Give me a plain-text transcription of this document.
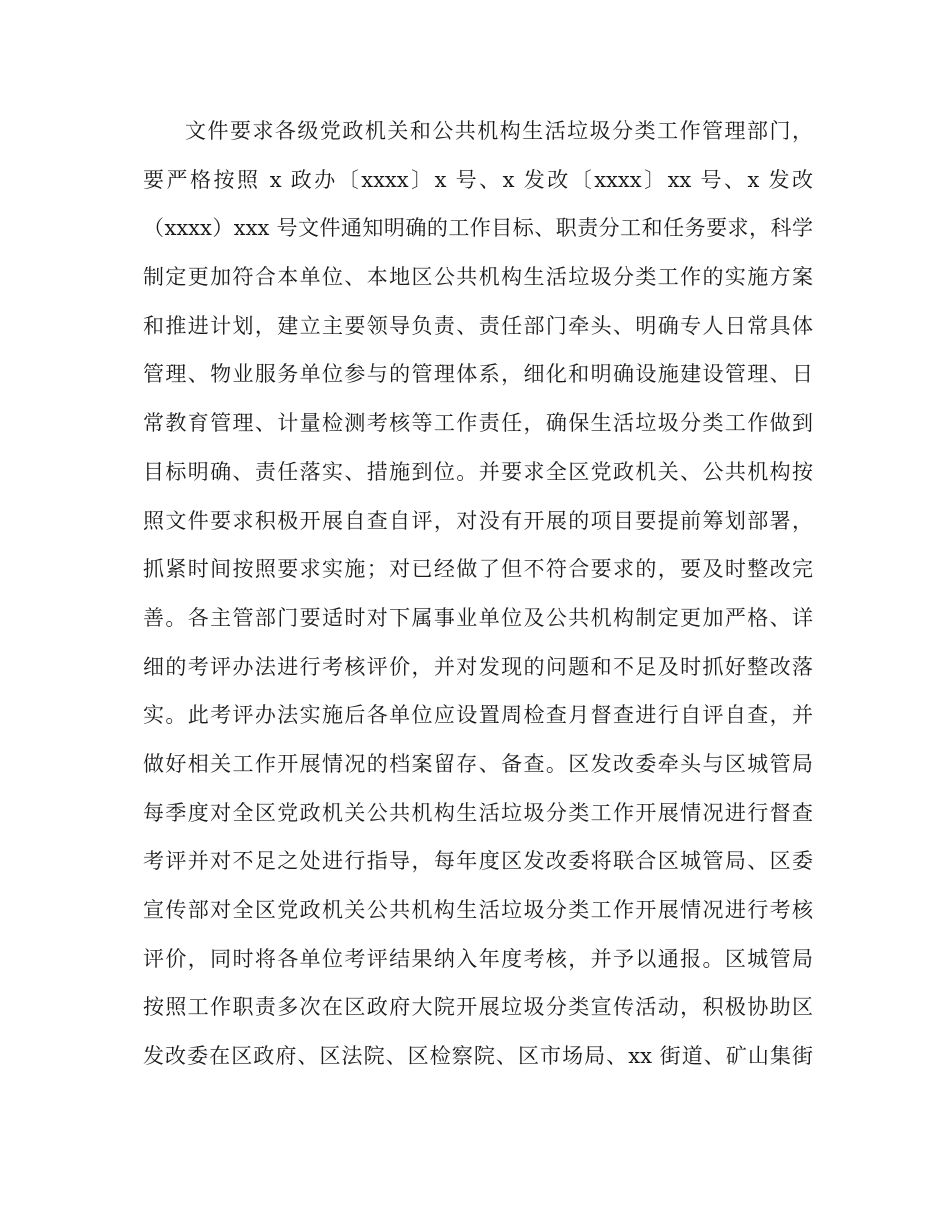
文件要求各级党政机关和公共机构生活垃圾分类工作管理部门，
要严格按照 x 政办〔xxxx〕x 号、x 发改〔xxxx〕xx 号、x 发改
（xxxx）xxx 号文件通知明确的工作目标、职责分工和任务要求，科学
制定更加符合本单位、本地区公共机构生活垃圾分类工作的实施方案
和推进计划，建立主要领导负责、责任部门牵头、明确专人日常具体
管理、物业服务单位参与的管理体系，细化和明确设施建设管理、日
常教育管理、计量检测考核等工作责任，确保生活垃圾分类工作做到
目标明确、责任落实、措施到位。并要求全区党政机关、公共机构按
照文件要求积极开展自查自评，对没有开展的项目要提前筹划部署，
抓紧时间按照要求实施；对已经做了但不符合要求的，要及时整改完
善。各主管部门要适时对下属事业单位及公共机构制定更加严格、详
细的考评办法进行考核评价，并对发现的问题和不足及时抓好整改落
实。此考评办法实施后各单位应设置周检查月督查进行自评自查，并
做好相关工作开展情况的档案留存、备查。区发改委牵头与区城管局
每季度对全区党政机关公共机构生活垃圾分类工作开展情况进行督查
考评并对不足之处进行指导，每年度区发改委将联合区城管局、区委
宣传部对全区党政机关公共机构生活垃圾分类工作开展情况进行考核
评价，同时将各单位考评结果纳入年度考核，并予以通报。区城管局
按照工作职责多次在区政府大院开展垃圾分类宣传活动，积极协助区
发改委在区政府、区法院、区检察院、区市场局、xx 街道、矿山集街
